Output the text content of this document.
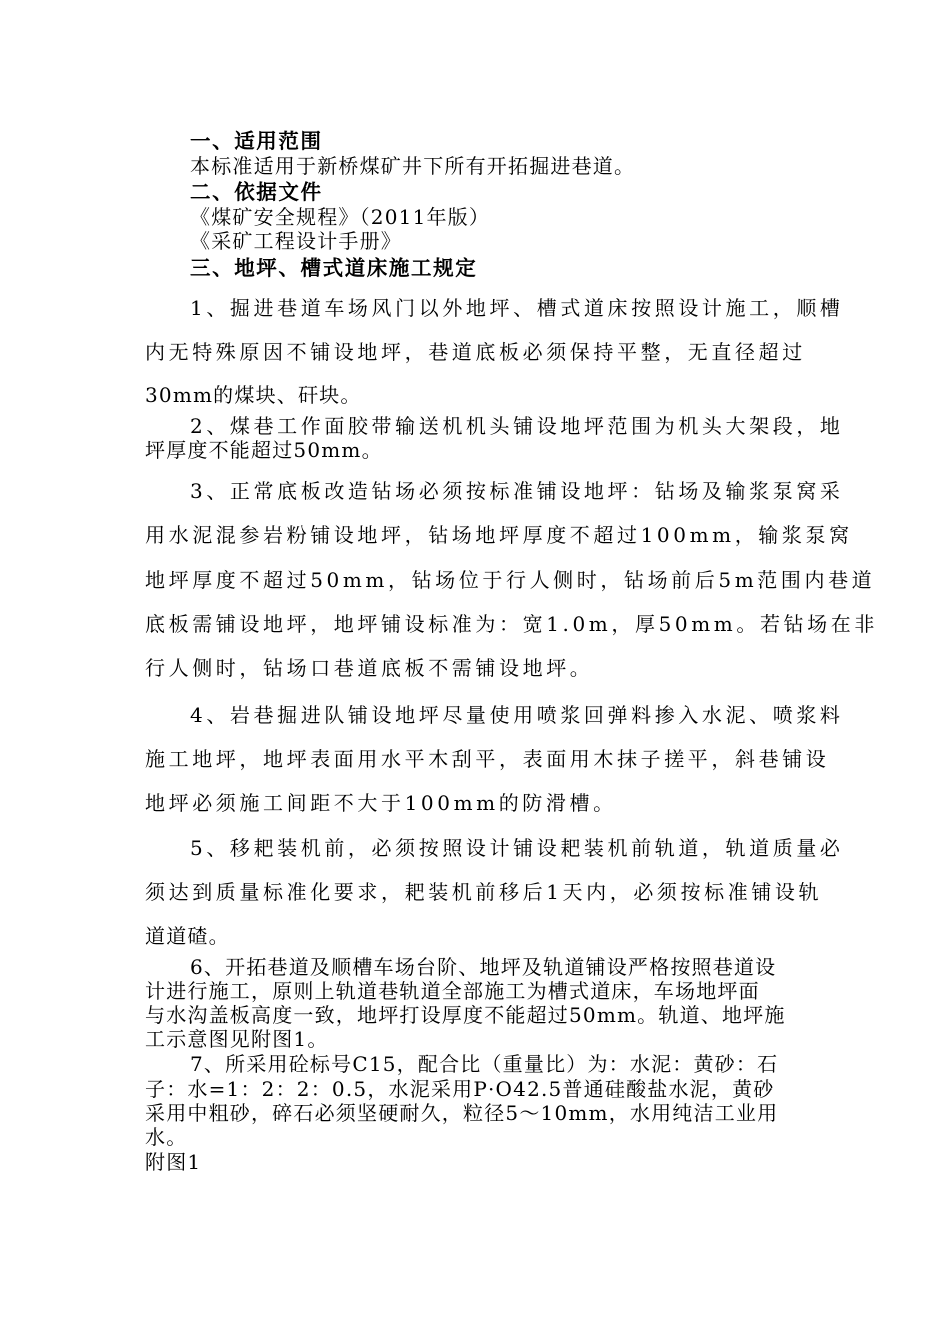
一、适用范围
本标准适用于新桥煤矿井下所有开拓掘进巷道。
二、依据文件
《煤矿安全规程》（2011年版）
《采矿工程设计手册》
三、地坪、槽式道床施工规定
1、掘进巷道车场风门以外地坪、槽式道床按照设计施工，顺槽
内无特殊原因不铺设地坪，巷道底板必须保持平整，无直径超过
30mm的煤块、矸块。
2、煤巷工作面胶带输送机机头铺设地坪范围为机头大架段，地
坪厚度不能超过50mm。
3、正常底板改造钻场必须按标准铺设地坪：钻场及输浆泵窝采
用水泥混参岩粉铺设地坪，钻场地坪厚度不超过100mm，输浆泵窝
地坪厚度不超过50mm，钻场位于行人侧时，钻场前后5m范围内巷道
底板需铺设地坪，地坪铺设标准为：宽1.0m，厚50mm。若钻场在非
行人侧时，钻场口巷道底板不需铺设地坪。
4、岩巷掘进队铺设地坪尽量使用喷浆回弹料掺入水泥、喷浆料
施工地坪，地坪表面用水平木刮平，表面用木抹子搓平，斜巷铺设
地坪必须施工间距不大于100mm的防滑槽。
5、移耙装机前，必须按照设计铺设耙装机前轨道，轨道质量必
须达到质量标准化要求，耙装机前移后1天内，必须按标准铺设轨
道道碴。
6、开拓巷道及顺槽车场台阶、地坪及轨道铺设严格按照巷道设
计进行施工，原则上轨道巷轨道全部施工为槽式道床，车场地坪面
与水沟盖板高度一致，地坪打设厚度不能超过50mm。轨道、地坪施
工示意图见附图1。
7、所采用砼标号C15，配合比（重量比）为：水泥：黄砂：石
子：水=1：2：2：0.5，水泥采用P·O42.5普通硅酸盐水泥，黄砂
采用中粗砂，碎石必须坚硬耐久，粒径5～10mm，水用纯洁工业用
水。
附图1
